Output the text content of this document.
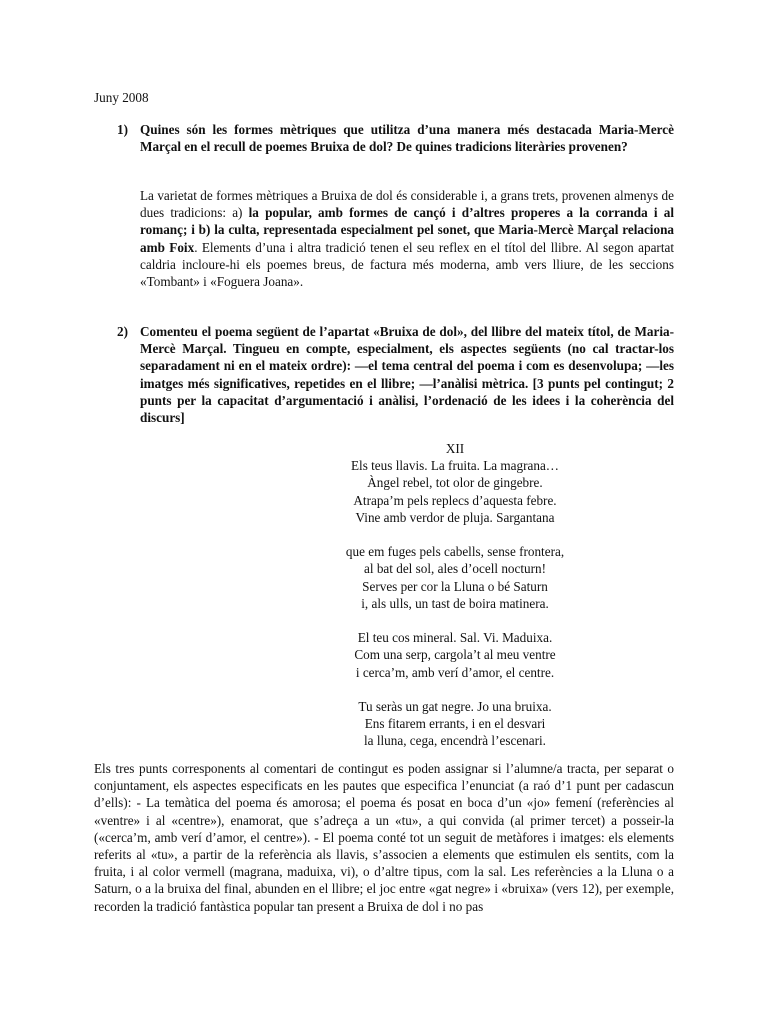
Juny 2008
1) Quines són les formes mètriques que utilitza d’una manera més destacada Maria-Mercè Marçal en el recull de poemes Bruixa de dol? De quines tradicions literàries provenen?
La varietat de formes mètriques a Bruixa de dol és considerable i, a grans trets, provenen almenys de dues tradicions: a) la popular, amb formes de cançó i d’altres properes a la corranda i al romanç; i b) la culta, representada especialment pel sonet, que Maria-Mercè Marçal relaciona amb Foix. Elements d’una i altra tradició tenen el seu reflex en el títol del llibre. Al segon apartat caldria incloure-hi els poemes breus, de factura més moderna, amb vers lliure, de les seccions «Tombant» i «Foguera Joana».
2) Comenteu el poema següent de l’apartat «Bruixa de dol», del llibre del mateix títol, de Maria-Mercè Marçal. Tingueu en compte, especialment, els aspectes següents (no cal tractar-los separadament ni en el mateix ordre): —el tema central del poema i com es desenvolupa; —les imatges més significatives, repetides en el llibre; —l’anàlisi mètrica. [3 punts pel contingut; 2 punts per la capacitat d’argumentació i anàlisi, l’ordenació de les idees i la coherència del discurs]
XII
Els teus llavis. La fruita. La magrana…
Àngel rebel, tot olor de gingebre.
Atrapa’m pels replecs d’aquesta febre.
Vine amb verdor de pluja. Sargantana
que em fuges pels cabells, sense frontera,
al bat del sol, ales d’ocell nocturn!
Serves per cor la Lluna o bé Saturn
i, als ulls, un tast de boira matinera.
El teu cos mineral. Sal. Vi. Maduixa.
Com una serp, cargola’t al meu ventre
i cerca’m, amb verí d’amor, el centre.
Tu seràs un gat negre. Jo una bruixa.
Ens fitarem errants, i en el desvari
la lluna, cega, encendrà l’escenari.
Els tres punts corresponents al comentari de contingut es poden assignar si l’alumne/a tracta, per separat o conjuntament, els aspectes especificats en les pautes que especifica l’enunciat (a raó d’1 punt per cadascun d’ells): - La temàtica del poema és amorosa; el poema és posat en boca d’un «jo» femení (referències al «ventre» i al «centre»), enamorat, que s’adreça a un «tu», a qui convida (al primer tercet) a posseir-la («cerca’m, amb verí d’amor, el centre»). - El poema conté tot un seguit de metàfores i imatges: els elements referits al «tu», a partir de la referència als llavis, s’associen a elements que estimulen els sentits, com la fruita, i al color vermell (magrana, maduixa, vi), o d’altre tipus, com la sal. Les referències a la Lluna o a Saturn, o a la bruixa del final, abunden en el llibre; el joc entre «gat negre» i «bruixa» (vers 12), per exemple, recorden la tradició fantàstica popular tan present a Bruixa de dol i no pas
